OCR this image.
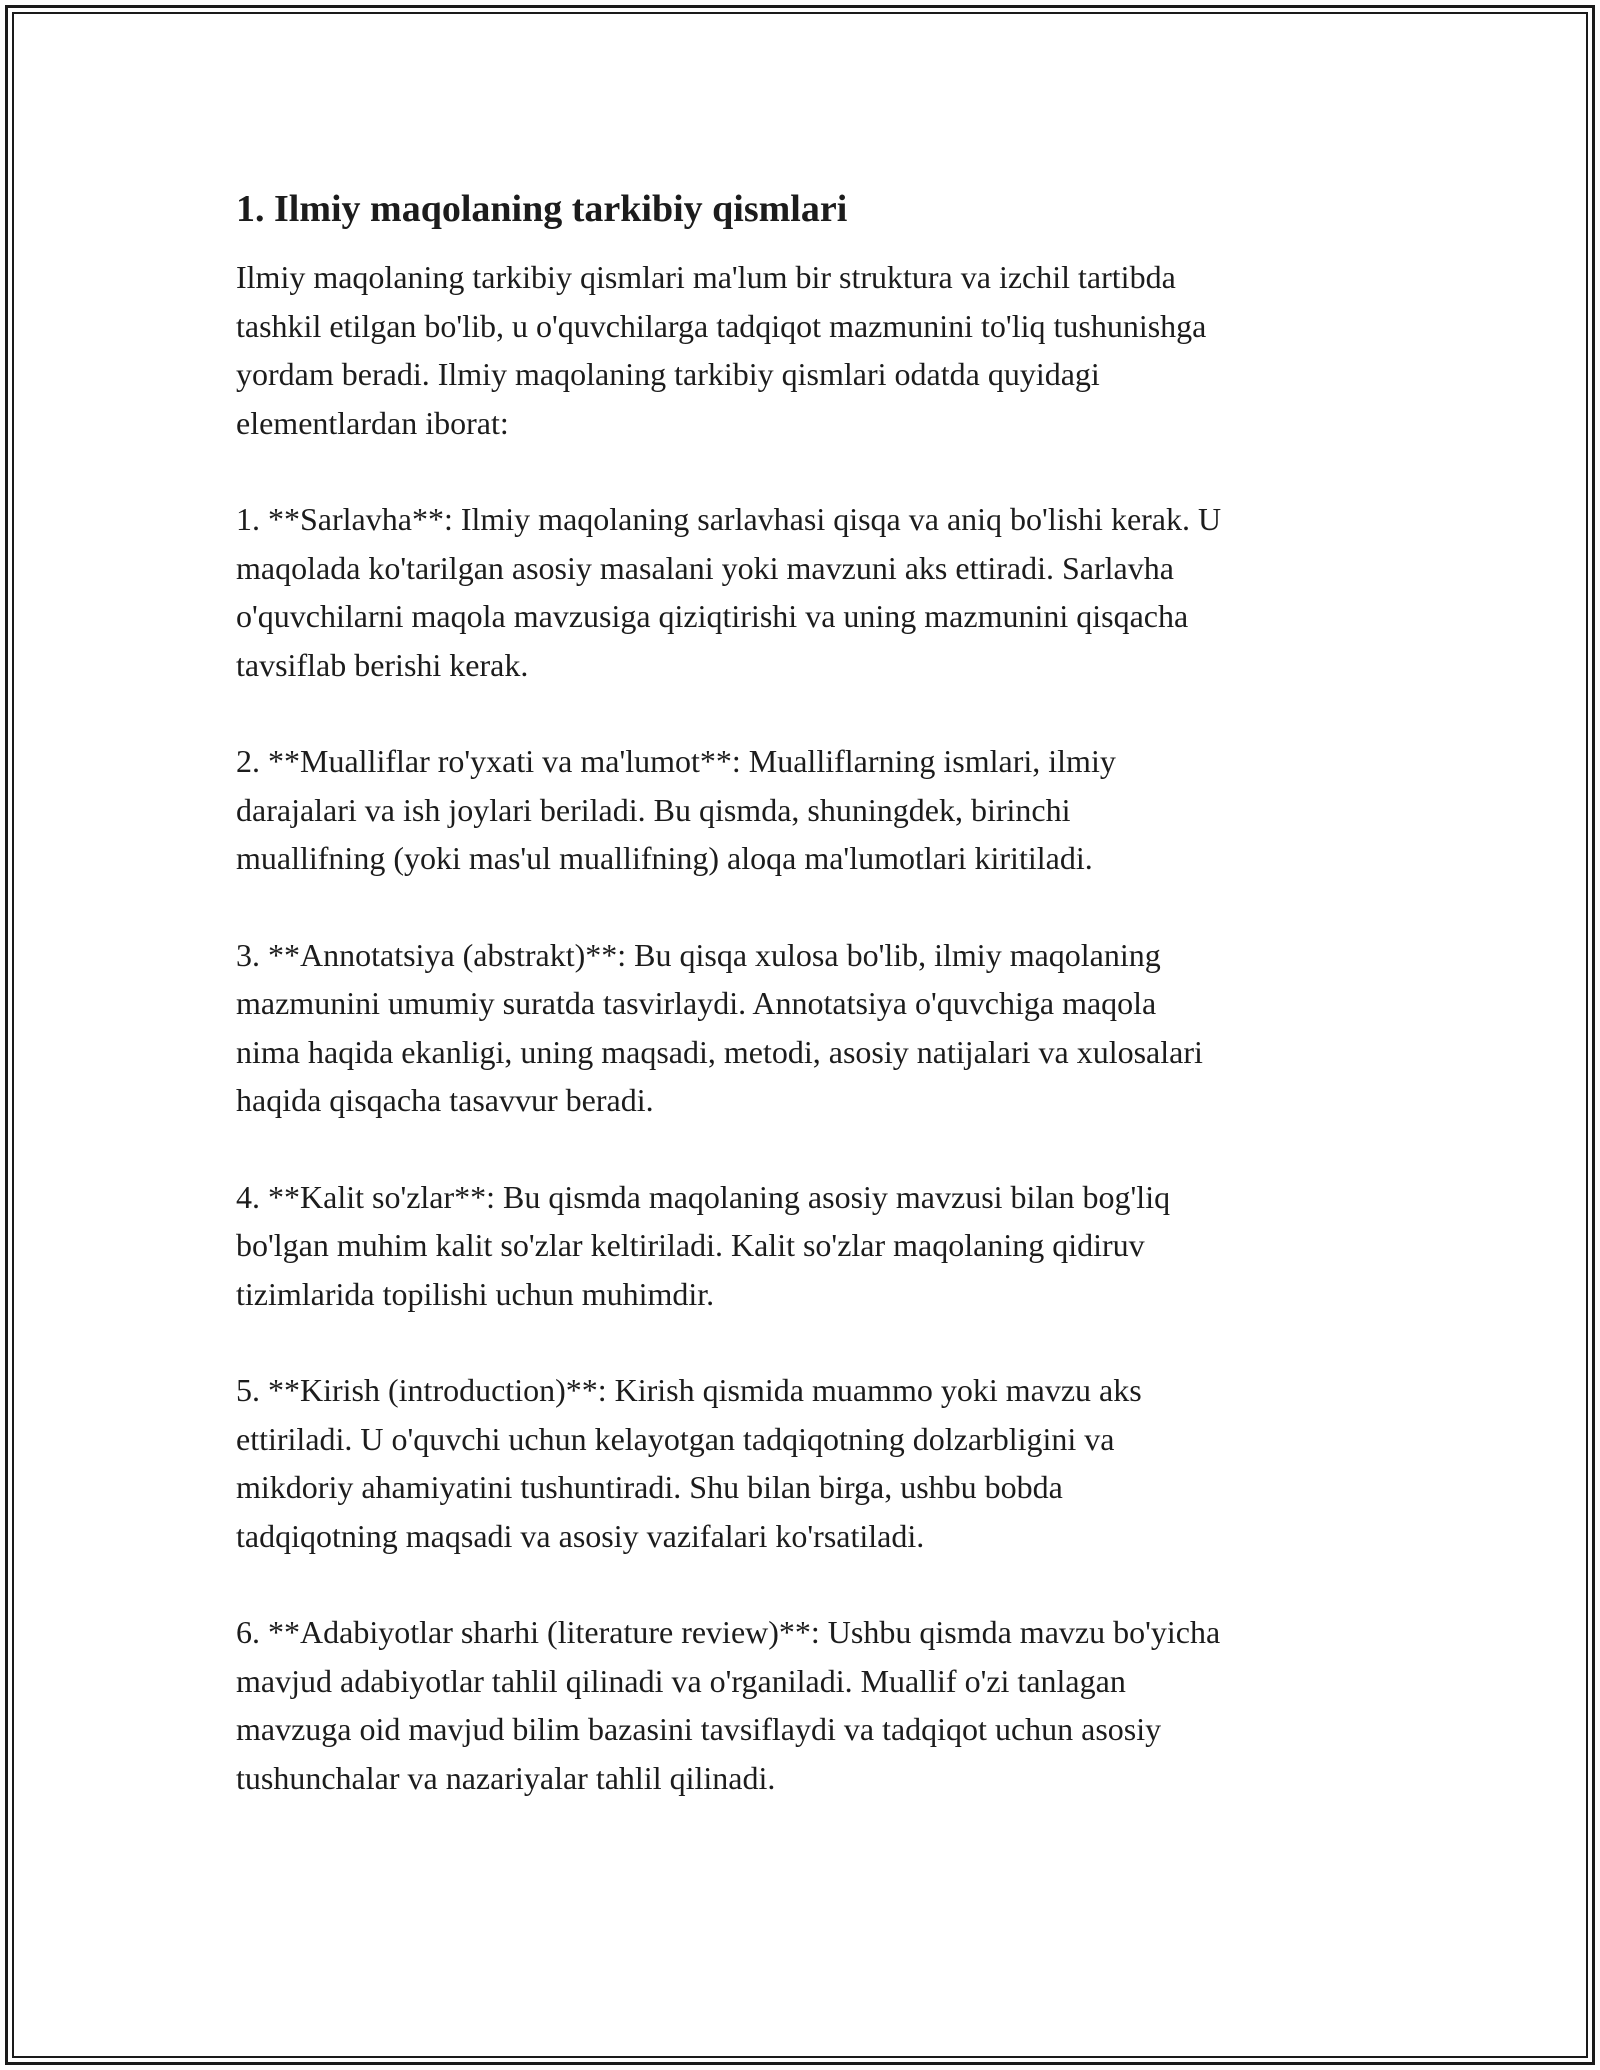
1. Ilmiy maqolaning tarkibiy qismlari

Ilmiy maqolaning tarkibiy qismlari ma'lum bir struktura va izchil tartibda
tashkil etilgan bo'lib, u o'quvchilarga tadqiqot mazmunini to'liq tushunishga
yordam beradi. Ilmiy maqolaning tarkibiy qismlari odatda quyidagi
elementlardan iborat:

1. **Sarlavha**: Ilmiy maqolaning sarlavhasi qisqa va aniq bo'lishi kerak. U
maqolada ko'tarilgan asosiy masalani yoki mavzuni aks ettiradi. Sarlavha
o'quvchilarni maqola mavzusiga qiziqtirishi va uning mazmunini qisqacha
tavsiflab berishi kerak.

2. **Mualliflar ro'yxati va ma'lumot**: Mualliflarning ismlari, ilmiy
darajalari va ish joylari beriladi. Bu qismda, shuningdek, birinchi
muallifning (yoki mas'ul muallifning) aloqa ma'lumotlari kiritiladi.

3. **Annotatsiya (abstrakt)**: Bu qisqa xulosa bo'lib, ilmiy maqolaning
mazmunini umumiy suratda tasvirlaydi. Annotatsiya o'quvchiga maqola
nima haqida ekanligi, uning maqsadi, metodi, asosiy natijalari va xulosalari
haqida qisqacha tasavvur beradi.

4. **Kalit so'zlar**: Bu qismda maqolaning asosiy mavzusi bilan bog'liq
bo'lgan muhim kalit so'zlar keltiriladi. Kalit so'zlar maqolaning qidiruv
tizimlarida topilishi uchun muhimdir.

5. **Kirish (introduction)**: Kirish qismida muammo yoki mavzu aks
ettiriladi. U o'quvchi uchun kelayotgan tadqiqotning dolzarbligini va
mikdoriy ahamiyatini tushuntiradi. Shu bilan birga, ushbu bobda
tadqiqotning maqsadi va asosiy vazifalari ko'rsatiladi.

6. **Adabiyotlar sharhi (literature review)**: Ushbu qismda mavzu bo'yicha
mavjud adabiyotlar tahlil qilinadi va o'rganiladi. Muallif o'zi tanlagan
mavzuga oid mavjud bilim bazasini tavsiflaydi va tadqiqot uchun asosiy
tushunchalar va nazariyalar tahlil qilinadi.
